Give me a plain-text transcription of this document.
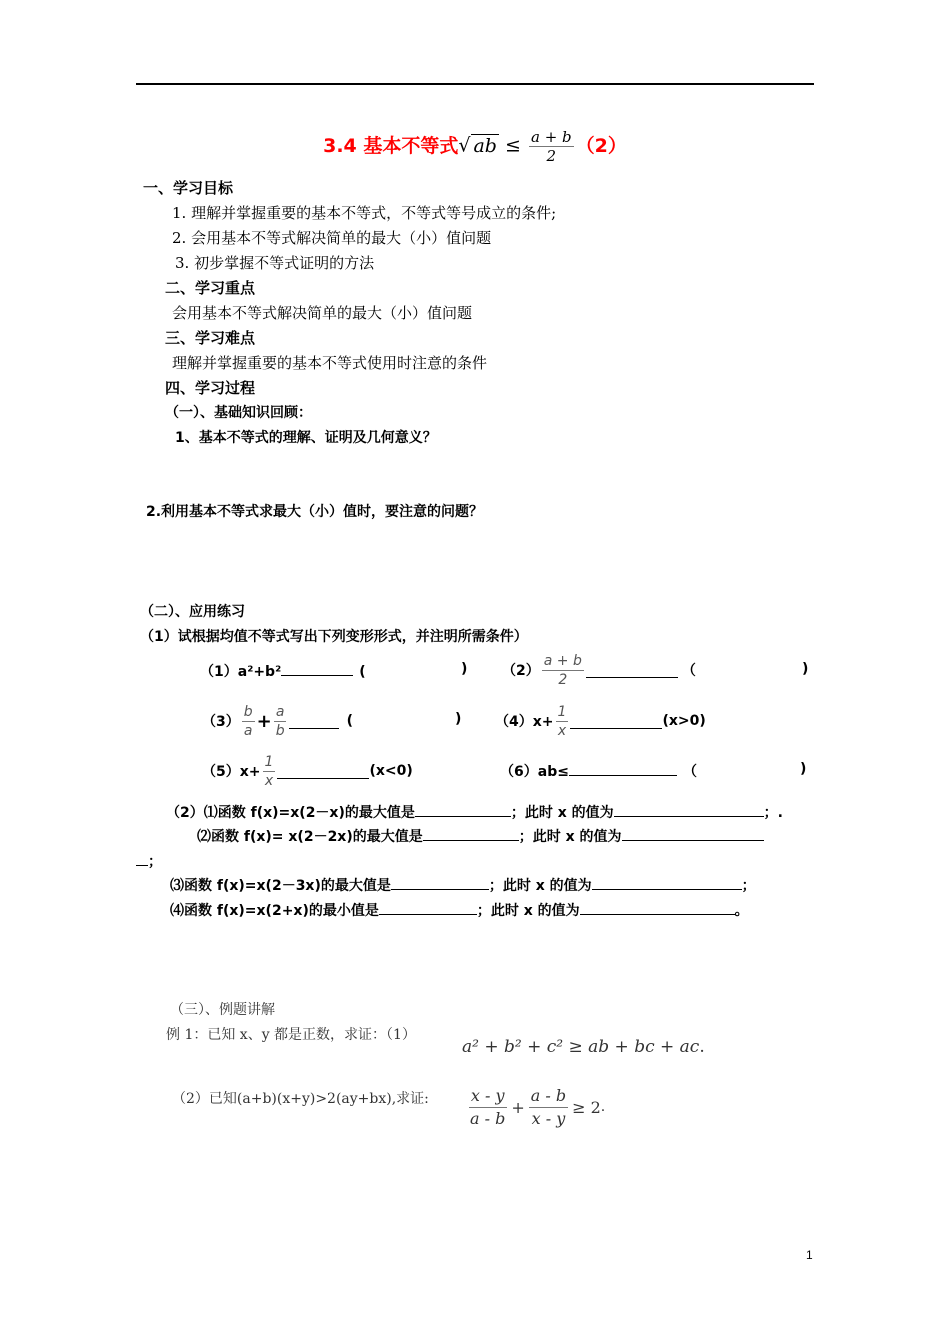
3.4 基本不等式√ ab ≤ $\frac{a + b}{2} (2)$
一、学习目标
1. 理解并掌握重要的基本不等式，不等式等号成立的条件;
2. 会用基本不等式解决简单的最大（小）值问题
3. 初步掌握不等式证明的方法
二、学习重点
会用基本不等式解决简单的最大（小）值问题
三、学习难点
理解并掌握重要的基本不等式使用时注意的条件
四、学习过程
（一）、基础知识回顾：
1、基本不等式的理解、证明及几何意义？
2.利用基本不等式求最大（小）值时，要注意的问题？
（二）、应用练习
（1）试根据均值不等式写出下列变形形式，并注明所需条件）
（1）a²+b²	(	) $(2) \frac{a + b}{2}$	（	)
$(3) \frac{b}{a} + \frac{a}{b}$	(	) $(4)x+ \frac{1}{x}$	(x>0)
$(5)x+ \frac{1}{x}$	(x<0)	（6）ab≤	（	)
（2）⑴函数 f(x)=x(2－x)的最大值是	；此时 x 的值为	；.
⑵函数 f(x)= x(2－2x)的最大值是	；此时 x 的值为
；
⑶函数 f(x)=x(2－3x)的最大值是	；此时 x 的值为	；
⑷函数 f(x)=x(2+x)的最小值是	；此时 x 的值为	。
（三）、例题讲解
例 1：已知 x、y 都是正数，求证：（1）
a² + b² + c² ≥ ab + bc + ac.
（2）已知(a+b)(x+y)>2(ay+bx),求证: $\frac{x - y}{a - b} + \frac{a - b}{x - y} \ge 2$ .
1
